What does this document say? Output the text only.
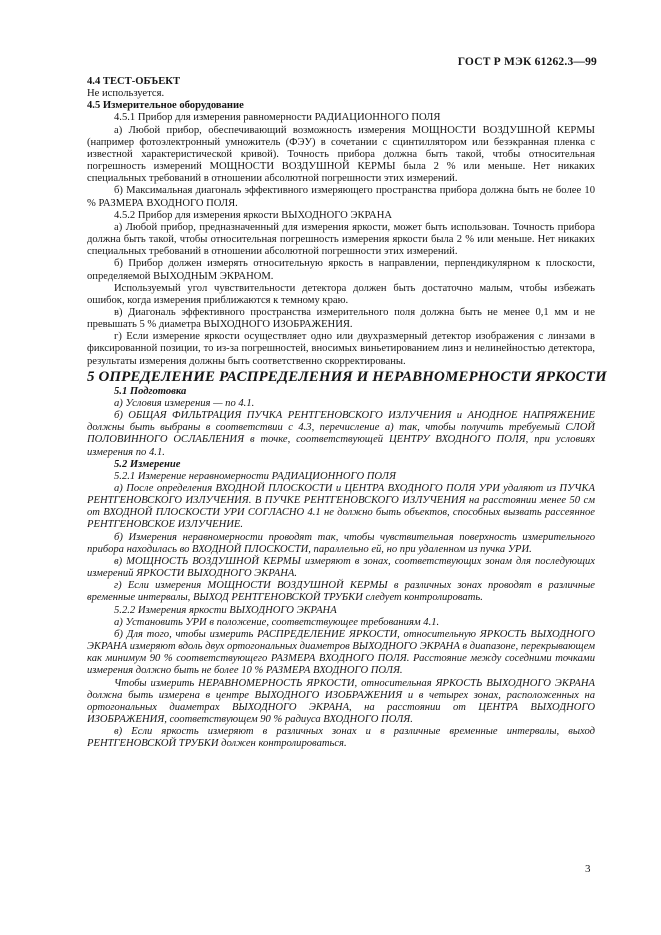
ГОСТ Р МЭК 61262.3—99

4.4 ТЕСТ-ОБЪЕКТ

Не используется.

4.5 Измерительное оборудование

4.5.1 Прибор для измерения равномерности РАДИАЦИОННОГО ПОЛЯ

а) Любой прибор, обеспечивающий возможность измерения МОЩНОСТИ ВОЗДУШНОЙ КЕРМЫ (например фотоэлектронный умножитель (ФЭУ) в сочетании с сцинтиллятором или безэкранная пленка с известной характеристической кривой). Точность прибора должна быть такой, чтобы относительная погрешность измерений МОЩНОСТИ ВОЗДУШНОЙ КЕРМЫ была 2 % или меньше. Нет никаких специальных требований в отношении абсолютной погрешности этих измерений.

б) Максимальная диагональ эффективного измеряющего пространства прибора должна быть не более 10 % РАЗМЕРА ВХОДНОГО ПОЛЯ.

4.5.2 Прибор для измерения яркости ВЫХОДНОГО ЭКРАНА

а) Любой прибор, предназначенный для измерения яркости, может быть использован. Точность прибора должна быть такой, чтобы относительная погрешность измерения яркости была 2 % или меньше. Нет никаких специальных требований в отношении абсолютной погрешности этих измерений.

б) Прибор должен измерять относительную яркость в направлении, перпендикулярном к плоскости, определяемой ВЫХОДНЫМ ЭКРАНОМ.

Используемый угол чувствительности детектора должен быть достаточно малым, чтобы избежать ошибок, когда измерения приближаются к темному краю.

в) Диагональ эффективного пространства измерительного поля должна быть не менее 0,1 мм и не превышать 5 % диаметра ВЫХОДНОГО ИЗОБРАЖЕНИЯ.

г) Если измерение яркости осуществляет одно или двухразмерный детектор изображения с линзами в фиксированной позиции, то из-за погрешностей, вносимых виньетированием линз и нелинейностью детектора, результаты измерения должны быть соответственно скорректированы.

5 ОПРЕДЕЛЕНИЕ РАСПРЕДЕЛЕНИЯ И НЕРАВНОМЕРНОСТИ ЯРКОСТИ

5.1 Подготовка

а) Условия измерения — по 4.1.

б) ОБЩАЯ ФИЛЬТРАЦИЯ ПУЧКА РЕНТГЕНОВСКОГО ИЗЛУЧЕНИЯ и АНОДНОЕ НАПРЯЖЕНИЕ должны быть выбраны в соответствии с 4.3, перечисление а) так, чтобы получить требуемый СЛОЙ ПОЛОВИННОГО ОСЛАБЛЕНИЯ в точке, соответствующей ЦЕНТРУ ВХОДНОГО ПОЛЯ, при условиях измерения по 4.1.

5.2 Измерение

5.2.1 Измерение неравномерности РАДИАЦИОННОГО ПОЛЯ

а) После определения ВХОДНОЙ ПЛОСКОСТИ и ЦЕНТРА ВХОДНОГО ПОЛЯ УРИ удаляют из ПУЧКА РЕНТГЕНОВСКОГО ИЗЛУЧЕНИЯ. В ПУЧКЕ РЕНТГЕНОВСКОГО ИЗЛУЧЕНИЯ на расстоянии менее 50 см от ВХОДНОЙ ПЛОСКОСТИ УРИ СОГЛАСНО 4.1 не должно быть объектов, способных вызвать рассеянное РЕНТГЕНОВСКОЕ ИЗЛУЧЕНИЕ.

б) Измерения неравномерности проводят так, чтобы чувствительная поверхность измерительного прибора находилась во ВХОДНОЙ ПЛОСКОСТИ, параллельно ей, но при удаленном из пучка УРИ.

в) МОЩНОСТЬ ВОЗДУШНОЙ КЕРМЫ измеряют в зонах, соответствующих зонам для последующих измерений ЯРКОСТИ ВЫХОДНОГО ЭКРАНА.

г) Если измерения МОЩНОСТИ ВОЗДУШНОЙ КЕРМЫ в различных зонах проводят в различные временные интервалы, ВЫХОД РЕНТГЕНОВСКОЙ ТРУБКИ следует контролировать.

5.2.2 Измерения яркости ВЫХОДНОГО ЭКРАНА

а) Установить УРИ в положение, соответствующее требованиям 4.1.

б) Для того, чтобы измерить РАСПРЕДЕЛЕНИЕ ЯРКОСТИ, относительную ЯРКОСТЬ ВЫХОДНОГО ЭКРАНА измеряют вдоль двух ортогональных диаметров ВЫХОДНОГО ЭКРАНА в диапазоне, перекрывающем как минимум 90 % соответствующего РАЗМЕРА ВХОДНОГО ПОЛЯ. Расстояние между соседними точками измерения должно быть не более 10 % РАЗМЕРА ВХОДНОГО ПОЛЯ.

Чтобы измерить НЕРАВНОМЕРНОСТЬ ЯРКОСТИ, относительная ЯРКОСТЬ ВЫХОДНОГО ЭКРАНА должна быть измерена в центре ВЫХОДНОГО ИЗОБРАЖЕНИЯ и в четырех зонах, расположенных на ортогональных диаметрах ВЫХОДНОГО ЭКРАНА, на расстоянии от ЦЕНТРА ВЫХОДНОГО ИЗОБРАЖЕНИЯ, соответствующем 90 % радиуса ВХОДНОГО ПОЛЯ.

в) Если яркость измеряют в различных зонах и в различные временные интервалы, выход РЕНТГЕНОВСКОЙ ТРУБКИ должен контролироваться.

3
